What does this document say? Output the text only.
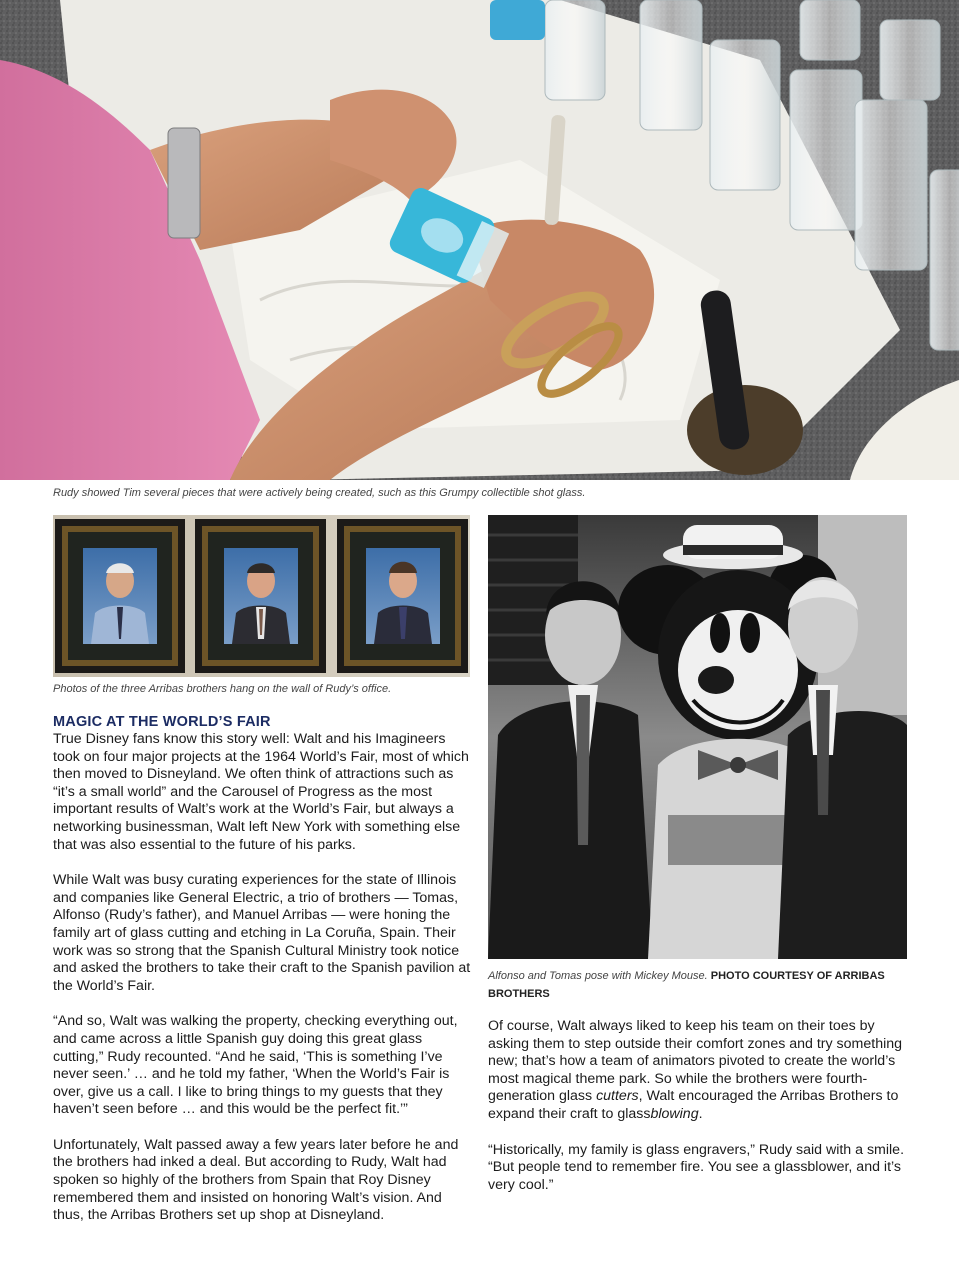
Rudy showed Tim several pieces that were actively being created, such as this Grumpy collectible shot glass.
Photos of the three Arribas brothers hang on the wall of Rudy’s office.
Alfonso and Tomas pose with Mickey Mouse. PHOTO COURTESY OF ARRIBAS BROTHERS
MAGIC AT THE WORLD’S FAIR

True Disney fans know this story well: Walt and his Imagineers took on four major projects at the 1964 World’s Fair, most of which then moved to Disneyland. We often think of attractions such as “it’s a small world” and the Carousel of Progress as the most important results of Walt’s work at the World’s Fair, but always a networking businessman, Walt left New York with something else that was also essential to the future of his parks.

While Walt was busy curating experiences for the state of Illinois and companies like General Electric, a trio of brothers — Tomas, Alfonso (Rudy’s father), and Manuel Arribas — were honing the family art of glass cutting and etching in La Coruña, Spain. Their work was so strong that the Spanish Cultural Ministry took notice and asked the brothers to take their craft to the Spanish pavilion at the World’s Fair.

“And so, Walt was walking the property, checking everything out, and came across a little Spanish guy doing this great glass cutting,” Rudy recounted. “And he said, ‘This is something I’ve never seen.’ … and he told my father, ‘When the World’s Fair is over, give us a call. I like to bring things to my guests that they haven’t seen before … and this would be the perfect fit.’”

Unfortunately, Walt passed away a few years later before he and the brothers had inked a deal. But according to Rudy, Walt had spoken so highly of the brothers from Spain that Roy Disney remembered them and insisted on honoring Walt’s vision. And thus, the Arribas Brothers set up shop at Disneyland.

Of course, Walt always liked to keep his team on their toes by asking them to step outside their comfort zones and try something new; that’s how a team of animators pivoted to create the world’s most magical theme park. So while the brothers were fourth-generation glass cutters, Walt encouraged the Arribas Brothers to expand their craft to glassblowing.

“Historically, my family is glass engravers,” Rudy said with a smile. “But people tend to remember fire. You see a glassblower, and it’s very cool.”
